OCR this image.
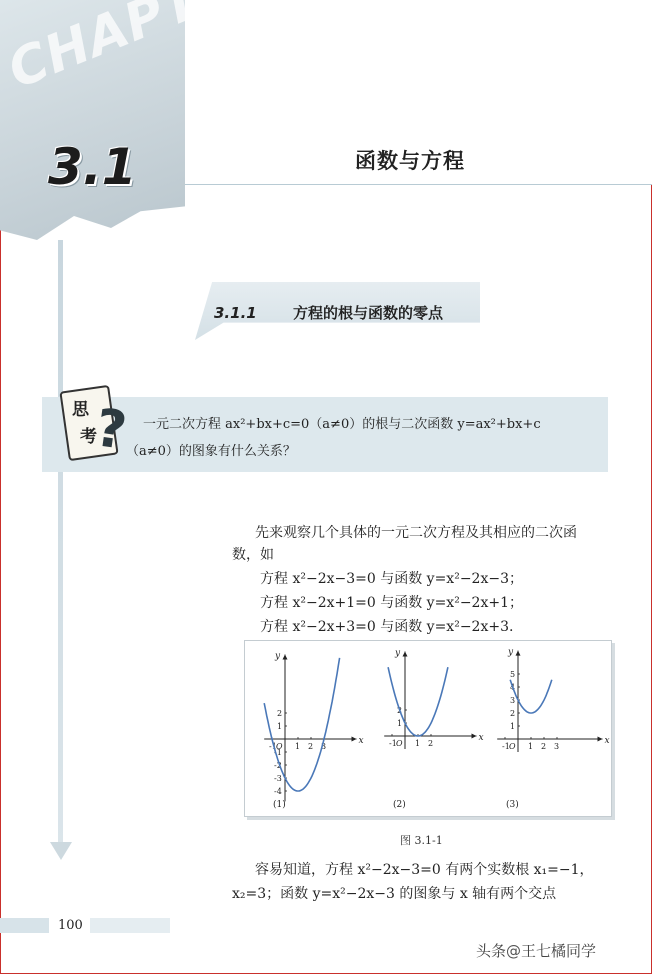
CHAPTER
3.1	函数与方程
3.1.1 方程的根与函数的零点
思
考
? 一元二次方程 ax²+bx+c=0（a≠0）的根与二次函数 y=ax²+bx+c
（a≠0）的图象有什么关系？
先来观察几个具体的一元二次方程及其相应的二次函
数，如
方程 x²−2x−3=0 与函数 y=x²−2x−3；
方程 x²−2x+1=0 与函数 y=x²−2x+1；
方程 x²−2x+3=0 与函数 y=x²−2x+3.
x
y
-1 O 1 2 3
2
1
-1
-2
-3
-4
(1)
x
y
-1 O 1 2
2
1
(2)
x
y
-1 O 1 2 3
5
4
3
2
1
(3)
图 3.1-1
容易知道，方程 x²−2x−3=0 有两个实数根 x₁=−1，
x₂=3；函数 y=x²−2x−3 的图象与 x 轴有两个交点
100
头条@王七橘同学
